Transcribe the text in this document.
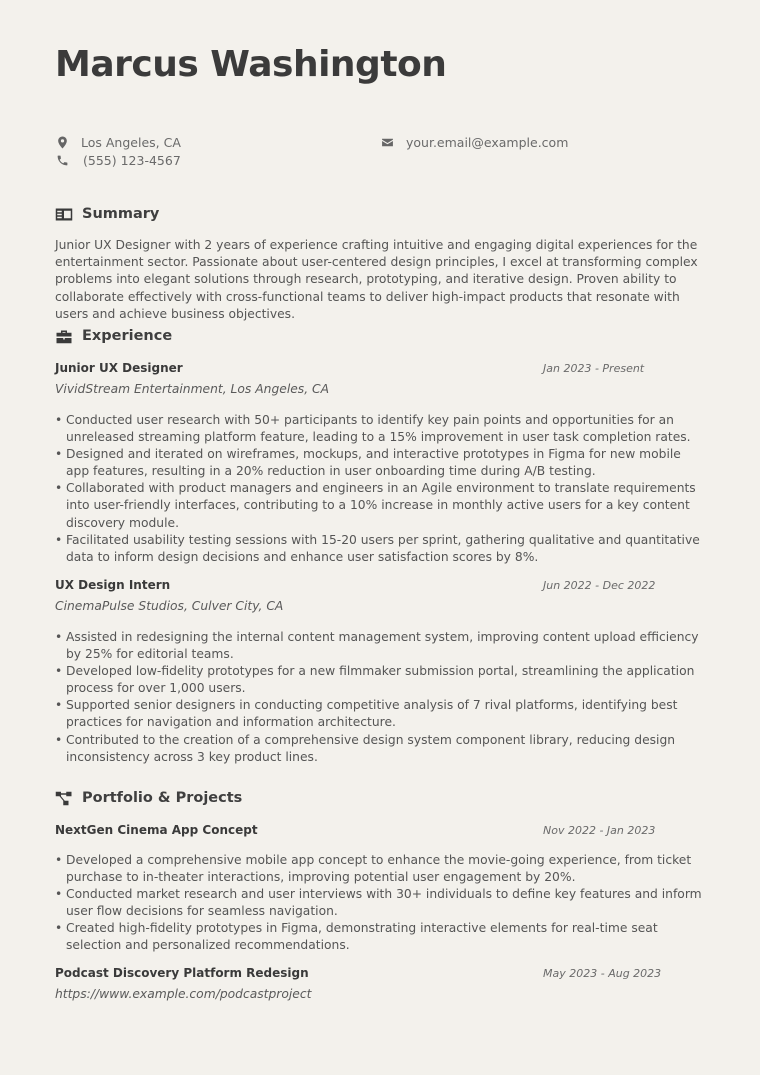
Marcus Washington
Los Angeles, CA
(555) 123-4567
your.email@example.com
Summary
Junior UX Designer with 2 years of experience crafting intuitive and engaging digital experiences for the entertainment sector. Passionate about user-centered design principles, I excel at transforming complex problems into elegant solutions through research, prototyping, and iterative design. Proven ability to collaborate effectively with cross-functional teams to deliver high-impact products that resonate with users and achieve business objectives.
Experience
Junior UX Designer	Jan 2023 - Present
VividStream Entertainment, Los Angeles, CA
• Conducted user research with 50+ participants to identify key pain points and opportunities for an unreleased streaming platform feature, leading to a 15% improvement in user task completion rates.
• Designed and iterated on wireframes, mockups, and interactive prototypes in Figma for new mobile app features, resulting in a 20% reduction in user onboarding time during A/B testing.
• Collaborated with product managers and engineers in an Agile environment to translate requirements into user-friendly interfaces, contributing to a 10% increase in monthly active users for a key content discovery module.
• Facilitated usability testing sessions with 15-20 users per sprint, gathering qualitative and quantitative data to inform design decisions and enhance user satisfaction scores by 8%.
UX Design Intern	Jun 2022 - Dec 2022
CinemaPulse Studios, Culver City, CA
• Assisted in redesigning the internal content management system, improving content upload efficiency by 25% for editorial teams.
• Developed low-fidelity prototypes for a new filmmaker submission portal, streamlining the application process for over 1,000 users.
• Supported senior designers in conducting competitive analysis of 7 rival platforms, identifying best practices for navigation and information architecture.
• Contributed to the creation of a comprehensive design system component library, reducing design inconsistency across 3 key product lines.
Portfolio & Projects
NextGen Cinema App Concept	Nov 2022 - Jan 2023
• Developed a comprehensive mobile app concept to enhance the movie-going experience, from ticket purchase to in-theater interactions, improving potential user engagement by 20%.
• Conducted market research and user interviews with 30+ individuals to define key features and inform user flow decisions for seamless navigation.
• Created high-fidelity prototypes in Figma, demonstrating interactive elements for real-time seat selection and personalized recommendations.
Podcast Discovery Platform Redesign	May 2023 - Aug 2023
https://www.example.com/podcastproject
